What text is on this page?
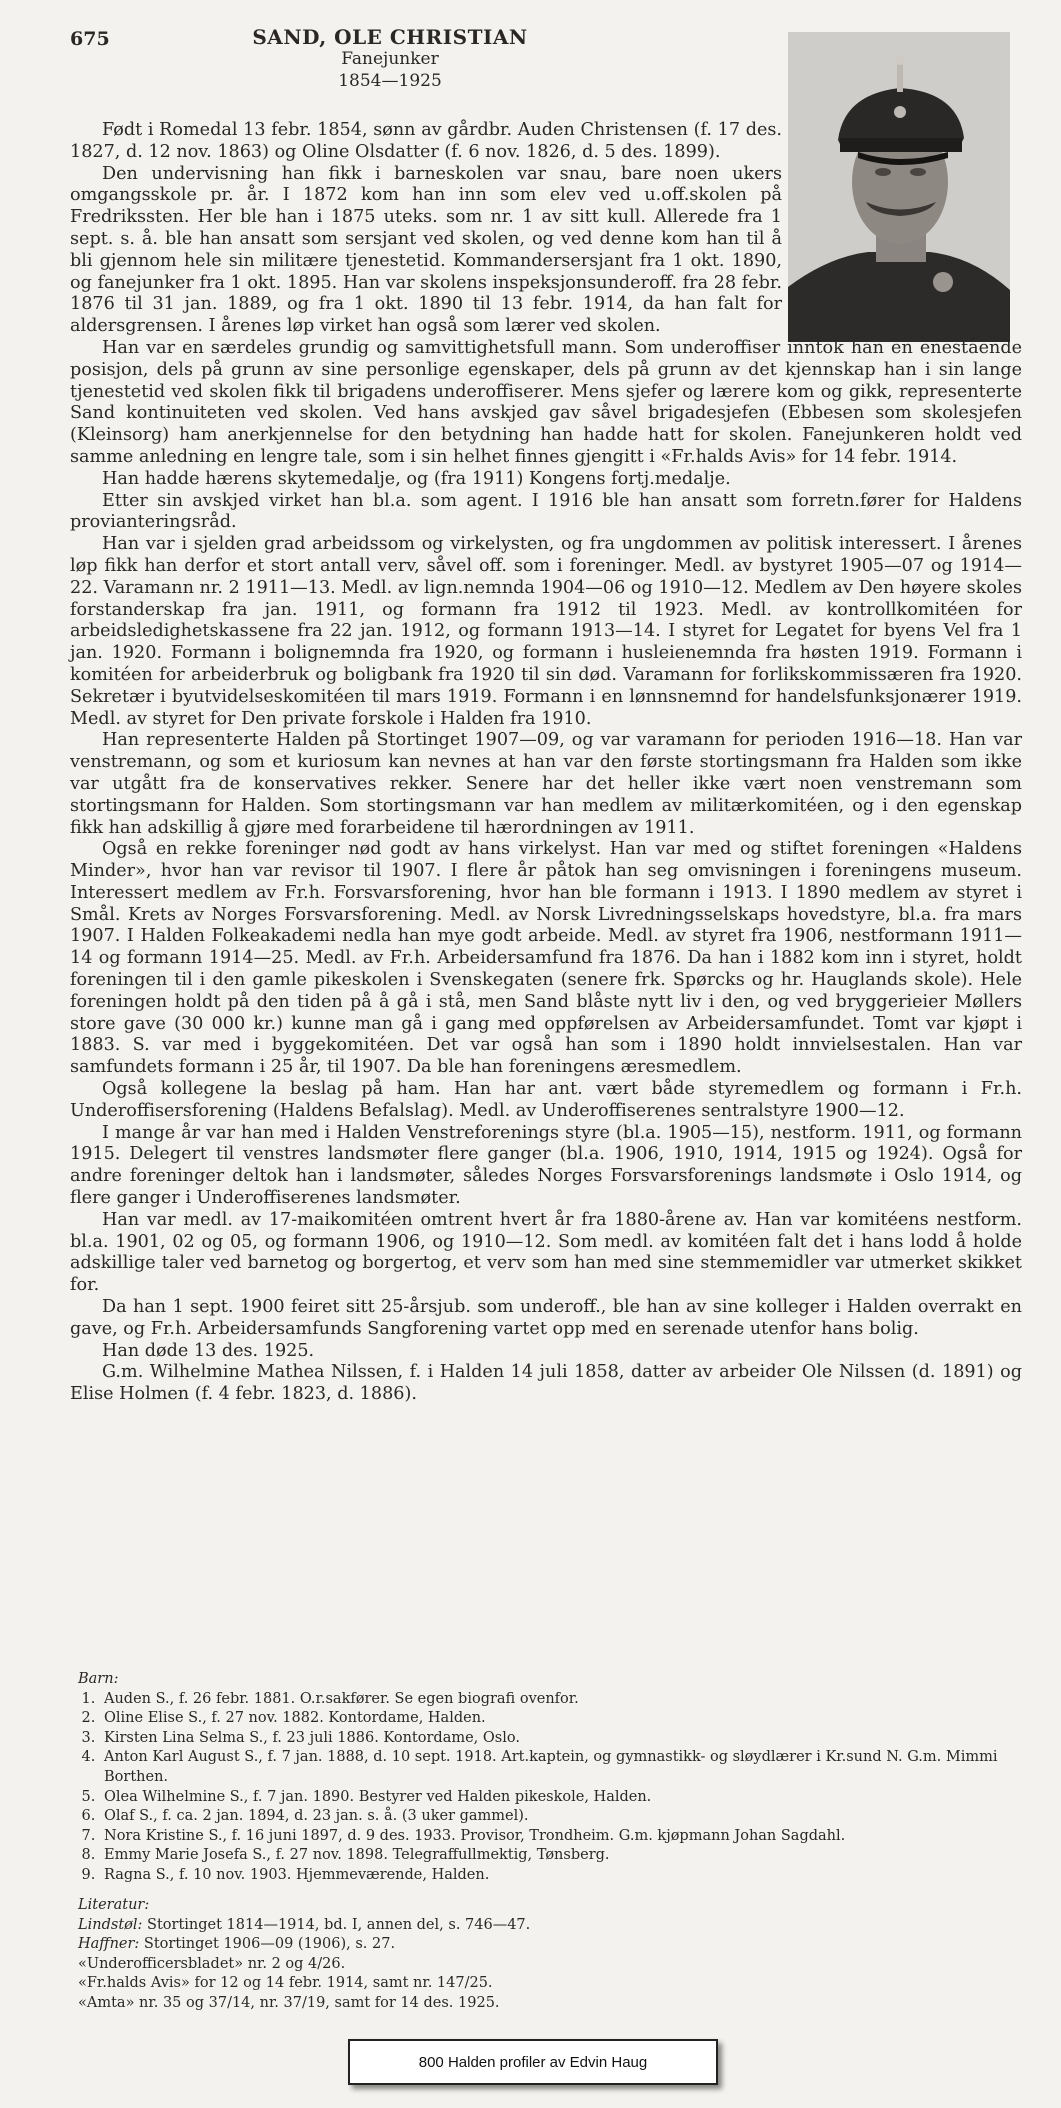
675	SAND, OLE CHRISTIAN
Fanejunker
1854—1925

Født i Romedal 13 febr. 1854, sønn av gårdbr. Auden Christensen (f. 17 des. 1827, d. 12 nov. 1863) og Oline Olsdatter (f. 6 nov. 1826, d. 5 des. 1899).

Den undervisning han fikk i barneskolen var snau, bare noen ukers omgangsskole pr. år. I 1872 kom han inn som elev ved u.off.skolen på Fredrikssten. Her ble han i 1875 uteks. som nr. 1 av sitt kull. Allerede fra 1 sept. s. å. ble han ansatt som sersjant ved skolen, og ved denne kom han til å bli gjennom hele sin militære tjenestetid. Kommandersersjant fra 1 okt. 1890, og fanejunker fra 1 okt. 1895. Han var skolens inspeksjonsunderoff. fra 28 febr. 1876 til 31 jan. 1889, og fra 1 okt. 1890 til 13 febr. 1914, da han falt for aldersgrensen. I årenes løp virket han også som lærer ved skolen.

Han var en særdeles grundig og samvittighetsfull mann. Som underoffiser inntok han en enestående posisjon, dels på grunn av sine personlige egenskaper, dels på grunn av det kjennskap han i sin lange tjenestetid ved skolen fikk til brigadens underoffiserer. Mens sjefer og lærere kom og gikk, representerte Sand kontinuiteten ved skolen. Ved hans avskjed gav såvel brigadesjefen (Ebbesen som skolesjefen (Kleinsorg) ham anerkjennelse for den betydning han hadde hatt for skolen. Fanejunkeren holdt ved samme anledning en lengre tale, som i sin helhet finnes gjengitt i «Fr.halds Avis» for 14 febr. 1914.

Han hadde hærens skytemedalje, og (fra 1911) Kongens fortj.medalje.

Etter sin avskjed virket han bl.a. som agent. I 1916 ble han ansatt som forretn.fører for Haldens provianteringsråd.

Han var i sjelden grad arbeidssom og virkelysten, og fra ungdommen av politisk interessert. I årenes løp fikk han derfor et stort antall verv, såvel off. som i foreninger. Medl. av bystyret 1905—07 og 1914—22. Varamann nr. 2 1911—13. Medl. av lign.nemnda 1904—06 og 1910—12. Medlem av Den høyere skoles forstanderskap fra jan. 1911, og formann fra 1912 til 1923. Medl. av kontrollkomitéen for arbeidsledighetskassene fra 22 jan. 1912, og formann 1913—14. I styret for Legatet for byens Vel fra 1 jan. 1920. Formann i bolignemnda fra 1920, og formann i husleienemnda fra høsten 1919. Formann i komitéen for arbeiderbruk og boligbank fra 1920 til sin død. Varamann for forlikskommissæren fra 1920. Sekretær i byutvidelseskomitéen til mars 1919. Formann i en lønnsnemnd for handelsfunksjonærer 1919. Medl. av styret for Den private forskole i Halden fra 1910.

Han representerte Halden på Stortinget 1907—09, og var varamann for perioden 1916—18. Han var venstremann, og som et kuriosum kan nevnes at han var den første stortingsmann fra Halden som ikke var utgått fra de konservatives rekker. Senere har det heller ikke vært noen venstremann som stortingsmann for Halden. Som stortingsmann var han medlem av militærkomitéen, og i den egenskap fikk han adskillig å gjøre med forarbeidene til hærordningen av 1911.

Også en rekke foreninger nød godt av hans virkelyst. Han var med og stiftet foreningen «Haldens Minder», hvor han var revisor til 1907. I flere år påtok han seg omvisningen i foreningens museum. Interessert medlem av Fr.h. Forsvarsforening, hvor han ble formann i 1913. I 1890 medlem av styret i Smål. Krets av Norges Forsvarsforening. Medl. av Norsk Livredningsselskaps hovedstyre, bl.a. fra mars 1907. I Halden Folkeakademi nedla han mye godt arbeide. Medl. av styret fra 1906, nestformann 1911—14 og formann 1914—25. Medl. av Fr.h. Arbeidersamfund fra 1876. Da han i 1882 kom inn i styret, holdt foreningen til i den gamle pikeskolen i Svenskegaten (senere frk. Spørcks og hr. Hauglands skole). Hele foreningen holdt på den tiden på å gå i stå, men Sand blåste nytt liv i den, og ved bryggerieier Møllers store gave (30 000 kr.) kunne man gå i gang med oppførelsen av Arbeidersamfundet. Tomt var kjøpt i 1883. S. var med i byggekomitéen. Det var også han som i 1890 holdt innvielsestalen. Han var samfundets formann i 25 år, til 1907. Da ble han foreningens æresmedlem.

Også kollegene la beslag på ham. Han har ant. vært både styremedlem og formann i Fr.h. Underoffisersforening (Haldens Befalslag). Medl. av Underoffiserenes sentralstyre 1900—12.

I mange år var han med i Halden Venstreforenings styre (bl.a. 1905—15), nestform. 1911, og formann 1915. Delegert til venstres landsmøter flere ganger (bl.a. 1906, 1910, 1914, 1915 og 1924). Også for andre foreninger deltok han i landsmøter, således Norges Forsvarsforenings landsmøte i Oslo 1914, og flere ganger i Underoffiserenes landsmøter.

Han var medl. av 17-maikomitéen omtrent hvert år fra 1880-årene av. Han var komitéens nestform. bl.a. 1901, 02 og 05, og formann 1906, og 1910—12. Som medl. av komitéen falt det i hans lodd å holde adskillige taler ved barnetog og borgertog, et verv som han med sine stemmemidler var utmerket skikket for.

Da han 1 sept. 1900 feiret sitt 25-årsjub. som underoff., ble han av sine kolleger i Halden overrakt en gave, og Fr.h. Arbeidersamfunds Sangforening vartet opp med en serenade utenfor hans bolig.

Han døde 13 des. 1925.

G.m. Wilhelmine Mathea Nilssen, f. i Halden 14 juli 1858, datter av arbeider Ole Nilssen (d. 1891) og Elise Holmen (f. 4 febr. 1823, d. 1886).

Barn:
1. Auden S., f. 26 febr. 1881. O.r.sakfører. Se egen biografi ovenfor.
2. Oline Elise S., f. 27 nov. 1882. Kontordame, Halden.
3. Kirsten Lina Selma S., f. 23 juli 1886. Kontordame, Oslo.
4. Anton Karl August S., f. 7 jan. 1888, d. 10 sept. 1918. Art.kaptein, og gymnastikk- og sløydlærer i Kr.sund N. G.m. Mimmi Borthen.
5. Olea Wilhelmine S., f. 7 jan. 1890. Bestyrer ved Halden pikeskole, Halden.
6. Olaf S., f. ca. 2 jan. 1894, d. 23 jan. s. å. (3 uker gammel).
7. Nora Kristine S., f. 16 juni 1897, d. 9 des. 1933. Provisor, Trondheim. G.m. kjøpmann Johan Sagdahl.
8. Emmy Marie Josefa S., f. 27 nov. 1898. Telegraffullmektig, Tønsberg.
9. Ragna S., f. 10 nov. 1903. Hjemmeværende, Halden.
Literatur:
Lindstøl: Stortinget 1814—1914, bd. I, annen del, s. 746—47.
Haffner: Stortinget 1906—09 (1906), s. 27.
«Underofficersbladet» nr. 2 og 4/26.
«Fr.halds Avis» for 12 og 14 febr. 1914, samt nr. 147/25.
«Amta» nr. 35 og 37/14, nr. 37/19, samt for 14 des. 1925.
800 Halden profiler av Edvin Haug
